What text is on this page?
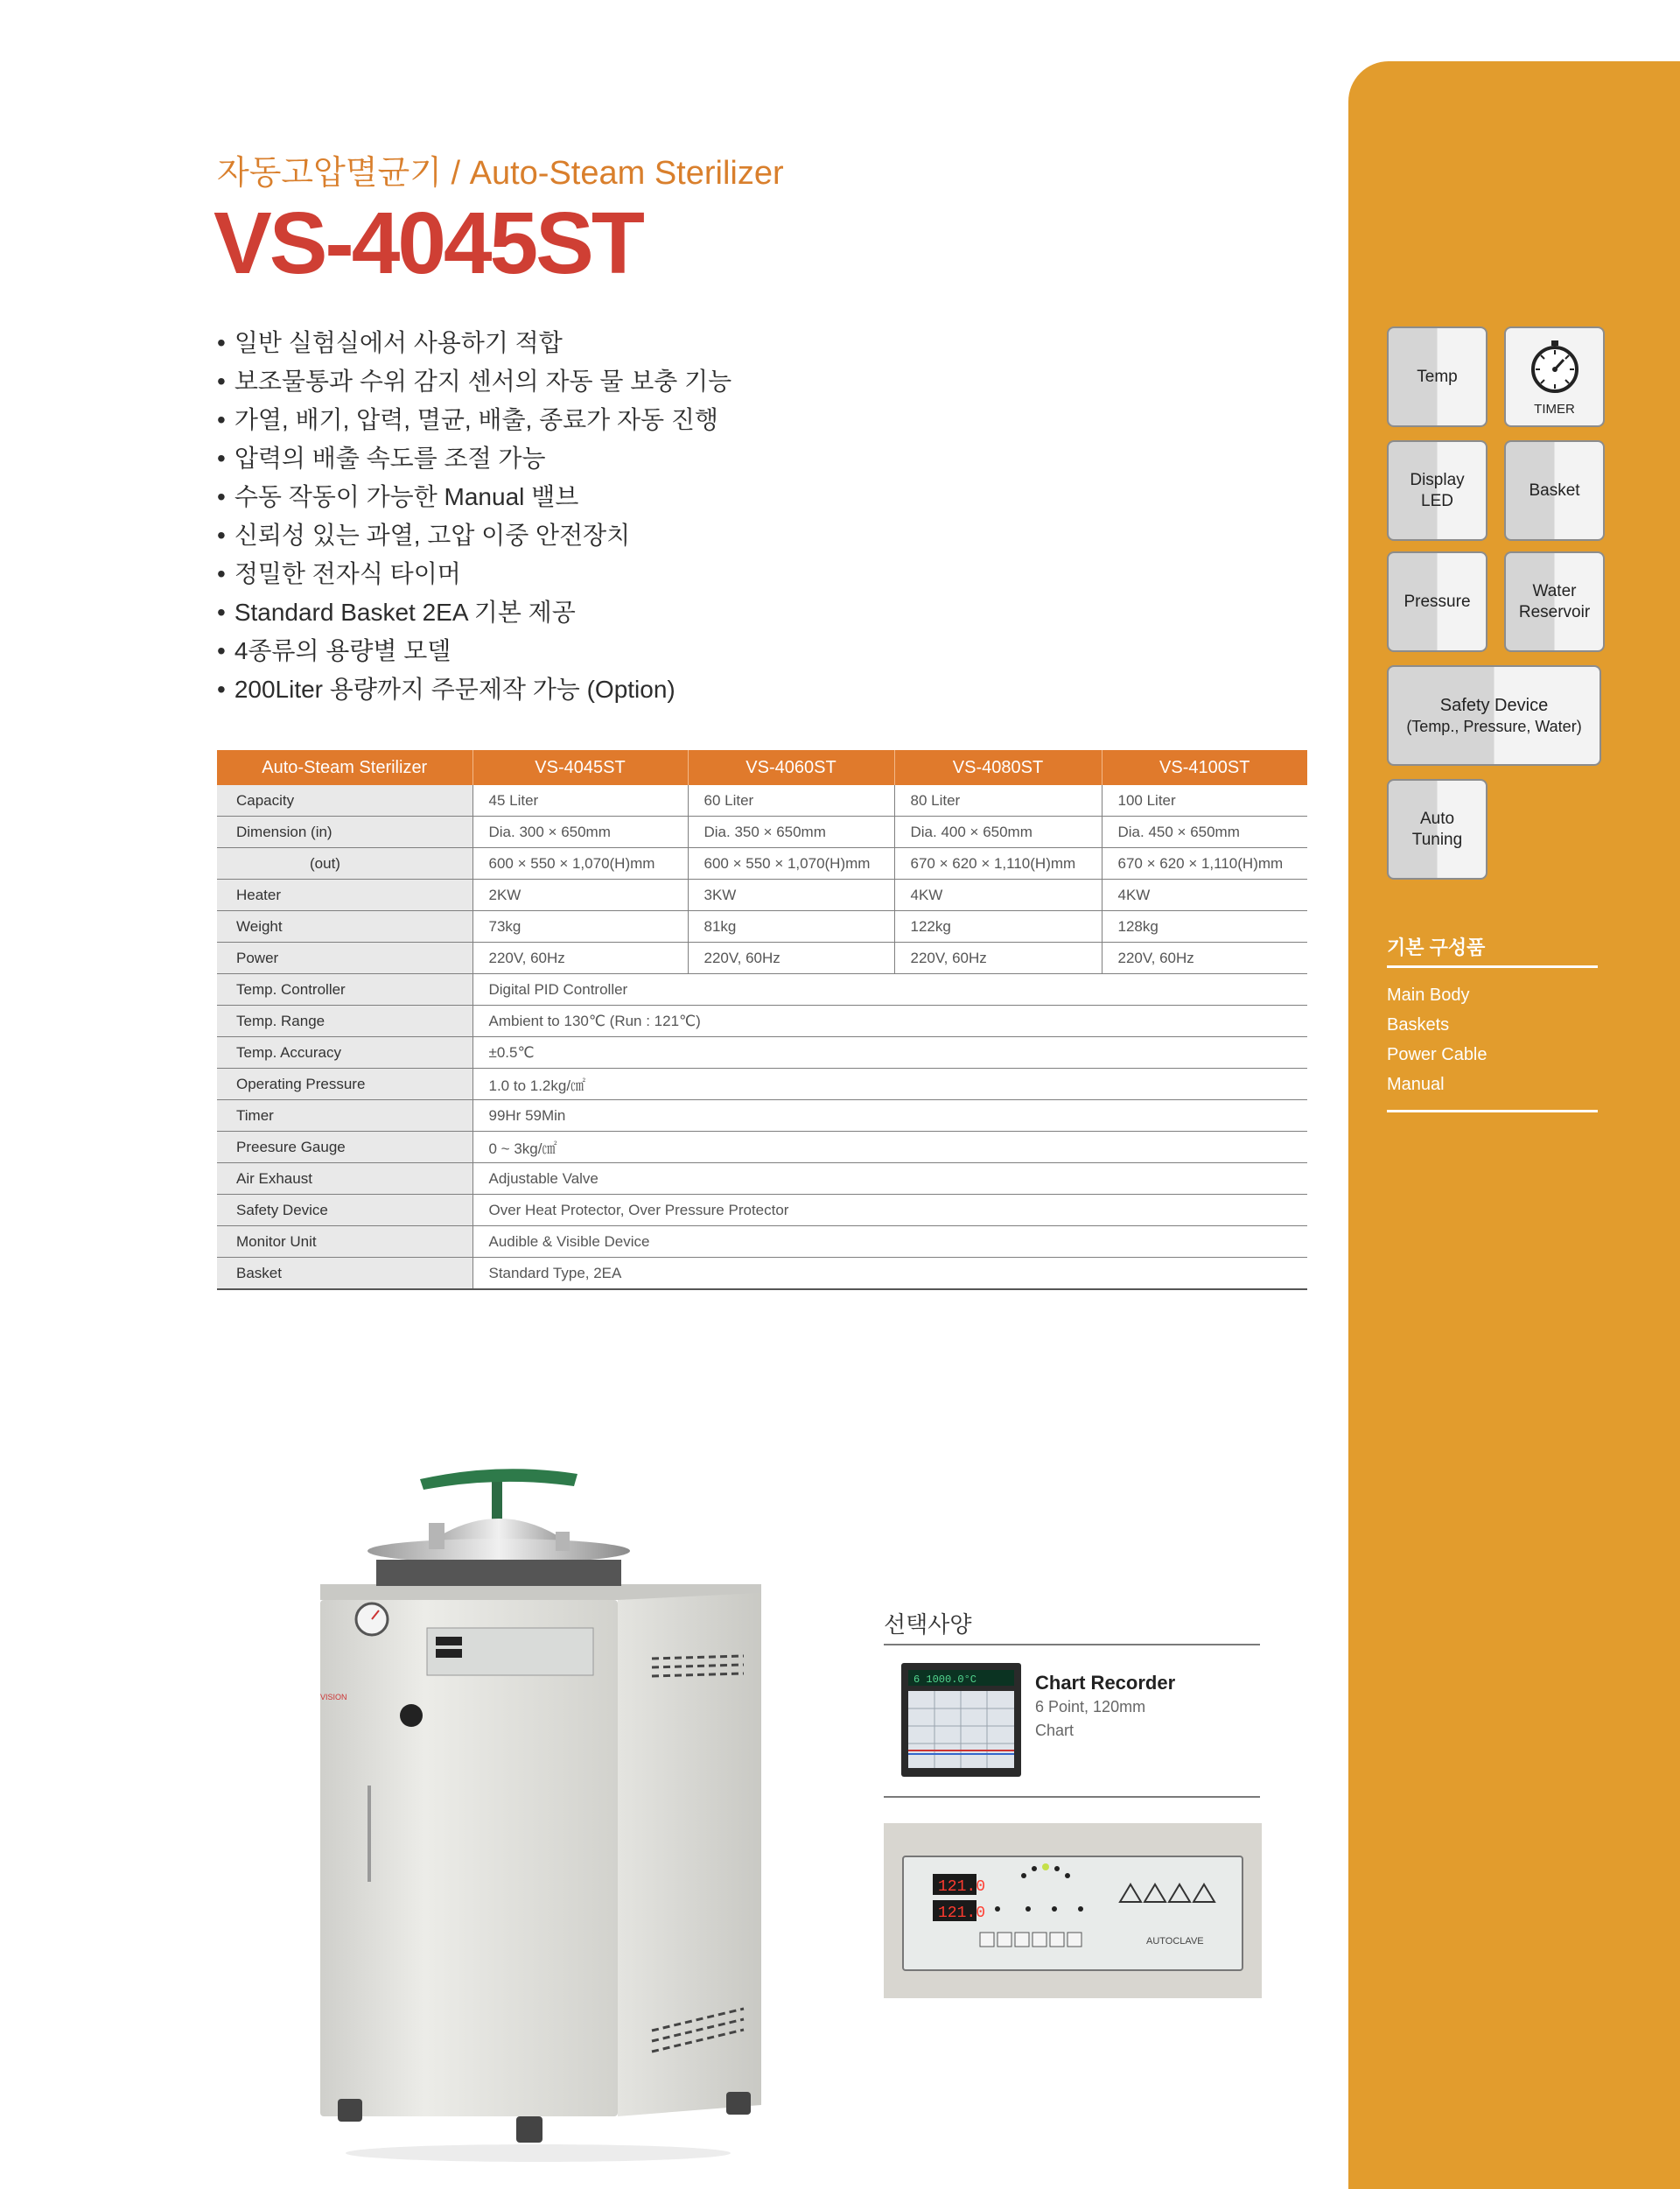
Temp
TIMER
Display
LED
Basket
Pressure
Water
Reservoir
Safety Device
(Temp., Pressure, Water)
Auto
Tuning
기본 구성품
Main Body
Baskets
Power Cable
Manual
자동고압멸균기 / Auto-Steam Sterilizer
VS-4045ST
• 일반 실험실에서 사용하기 적합
• 보조물통과 수위 감지 센서의 자동 물 보충 기능
• 가열, 배기, 압력, 멸균, 배출, 종료가 자동 진행
• 압력의 배출 속도를 조절 가능
• 수동 작동이 가능한 Manual 밸브
• 신뢰성 있는 과열, 고압 이중 안전장치
• 정밀한 전자식 타이머
• Standard Basket 2EA 기본 제공
• 4종류의 용량별 모델
• 200Liter 용량까지 주문제작 가능 (Option)
Auto-Steam Sterilizer	VS-4045ST	VS-4060ST	VS-4080ST	VS-4100ST
Capacity	45 Liter	60 Liter	80 Liter	100 Liter
Dimension (in)	Dia. 300 × 650mm	Dia. 350 × 650mm	Dia. 400 × 650mm	Dia. 450 × 650mm
(out)	600 × 550 × 1,070(H)mm	600 × 550 × 1,070(H)mm	670 × 620 × 1,110(H)mm	670 × 620 × 1,110(H)mm
Heater	2KW	3KW	4KW	4KW
Weight	73kg	81kg	122kg	128kg
Power	220V, 60Hz	220V, 60Hz	220V, 60Hz	220V, 60Hz
Temp. Controller	Digital PID Controller			
Temp. Range	Ambient to 130℃ (Run : 121℃)			
Temp. Accuracy	±0.5℃			
Operating Pressure	1.0 to 1.2kg/㎠			
Timer	99Hr 59Min			
Preesure Gauge	0 ~ 3kg/㎠			
Air Exhaust	Adjustable Valve			
Safety Device	Over Heat Protector, Over Pressure Protector			
Monitor Unit	Audible & Visible Device			
Basket	Standard Type, 2EA			
VISION
선택사양
6 1000.0°C	Chart Recorder
6 Point, 120mm
Chart
121.0
121.0
AUTOCLAVE
